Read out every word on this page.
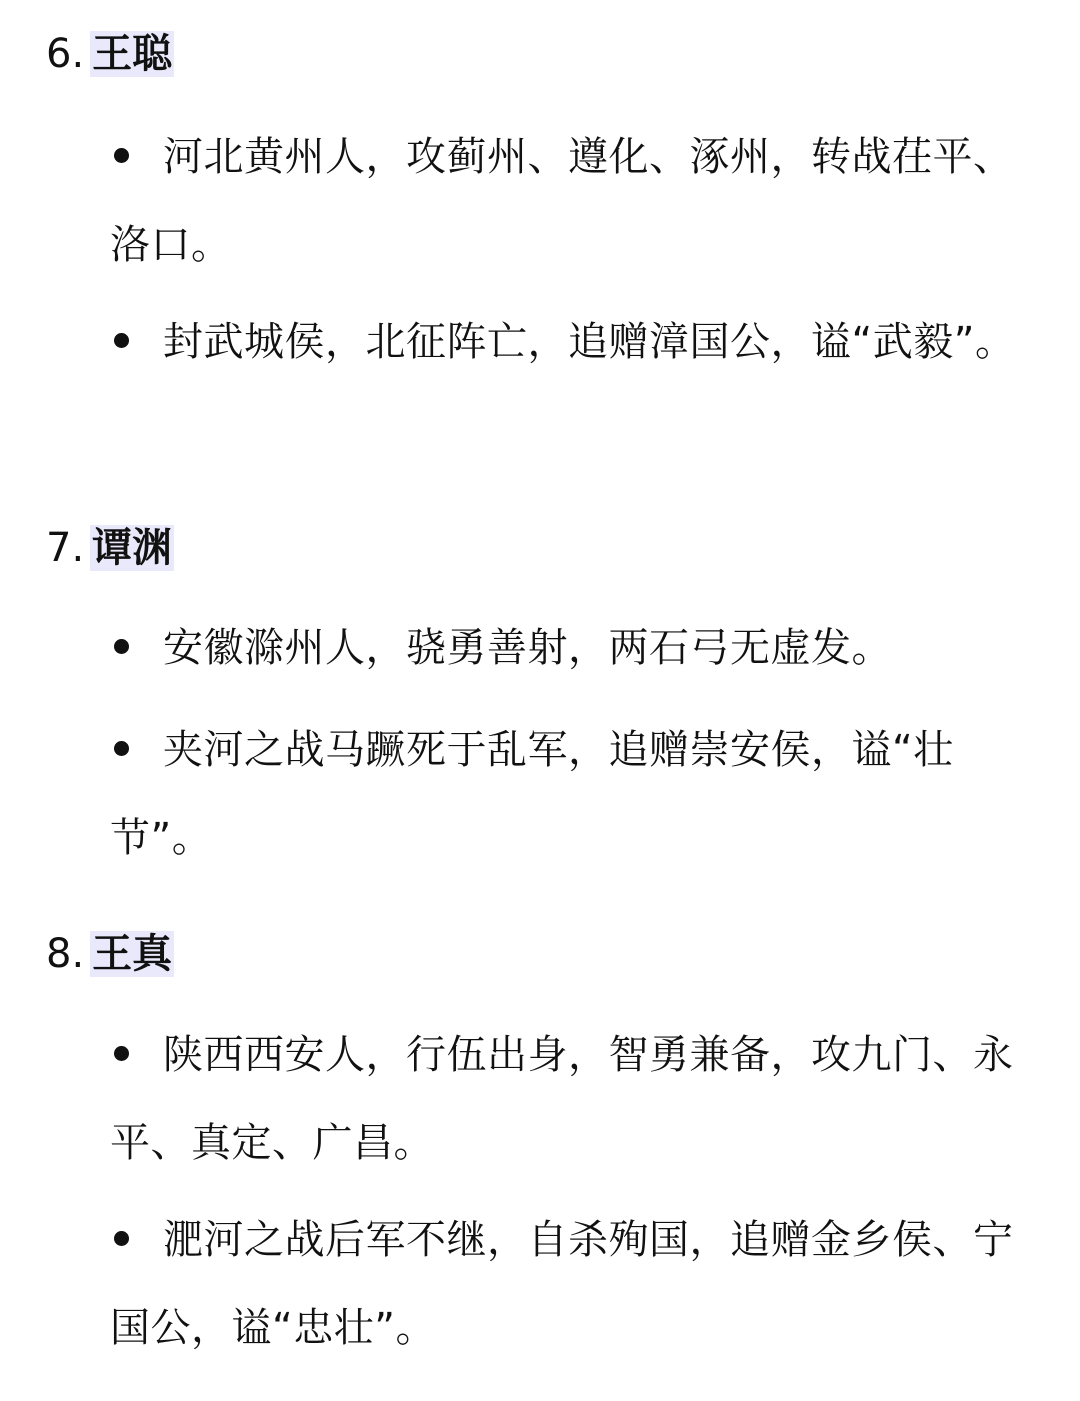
6. 王聪
河北黄州人，攻蓟州、遵化、涿州，转战茌平、洛口。
封武城侯，北征阵亡，追赠漳国公，谥“武毅”。
7. 谭渊
安徽滁州人，骁勇善射，两石弓无虚发。
夹河之战马蹶死于乱军，追赠崇安侯，谥“壮节”。
8. 王真
陕西西安人，行伍出身，智勇兼备，攻九门、永平、真定、广昌。
淝河之战后军不继，自杀殉国，追赠金乡侯、宁国公，谥“忠壮”。
